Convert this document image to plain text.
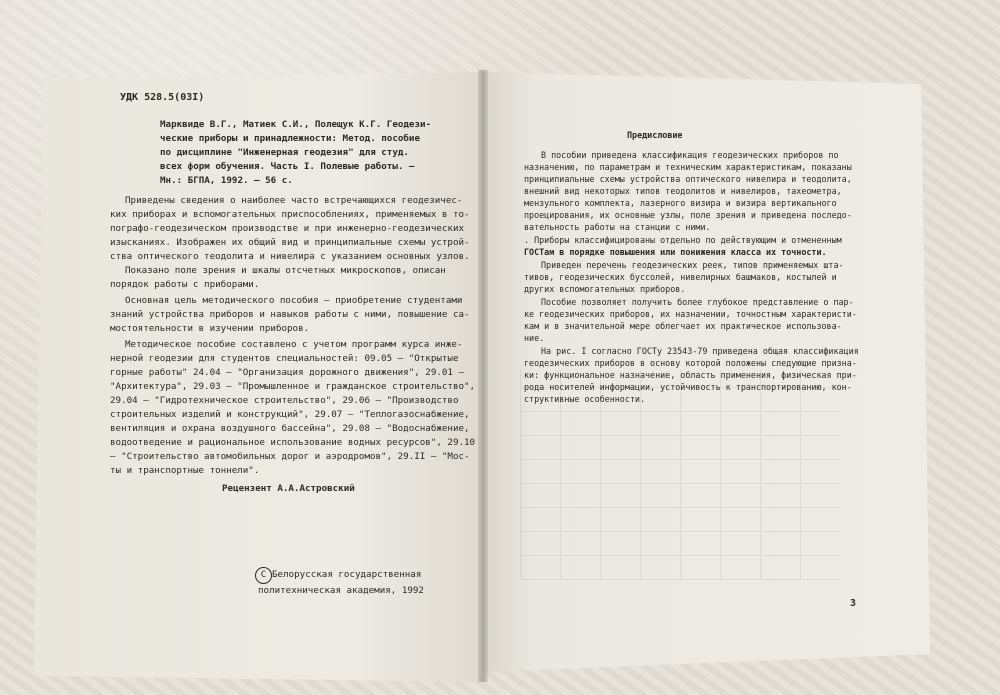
УДК 528.5(03I)

Марквиде В.Г., Матиек С.И., Полещук К.Г. Геодези-

ческие приборы и принадлежности: Метод. пособие

по дисциплине "Инженерная геодезия" для студ.

всех форм обучения. Часть I. Полевые работы. –

Мн.: БГПА, 1992. – 56 с.

Приведены сведения о наиболее часто встречающихся геодезичес-

ких приборах и вспомогательных приспособлениях, применяемых в то-

пографо-геодезическом производстве и при инженерно-геодезических

изысканиях. Изображен их общий вид и принципиальные схемы устрой-

ства оптического теодолита и нивелира с указанием основных узлов.

Показано поле зрения и шкалы отсчетных микроскопов, описан

порядок работы с приборами.

Основная цель методического пособия – приобретение студентами

знаний устройства приборов и навыков работы с ними, повышение са-

мостоятельности в изучении приборов.

Методическое пособие составлено с учетом программ курса инже-

нерной геодезии для студентов специальностей: 09.05 – "Открытые

горные работы" 24.04 – "Организация дорожного движения", 29.01 –

"Архитектура", 29.03 – "Промышленное и гражданское строительство",

29.04 – "Гидротехническое строительство", 29.06 – "Производство

строительных изделий и конструкций", 29.07 – "Теплогазоснабжение,

вентиляция и охрана воздушного бассейна", 29.08 – "Водоснабжение,

водоотведение и рациональное использование водных ресурсов", 29.10

– "Строительство автомобильных дорог и аэродромов", 29.II – "Мос-

ты и транспортные тоннели".

Рецензент А.А.Астровский

C Белорусская государственная

политехническая академия, 1992

Предисловие

В пособии приведена классификация геодезических приборов по

назначению, по параметрам и техническим характеристикам, показаны

принципиальные схемы устройства оптического нивелира и теодолита,

внешний вид некоторых типов теодолитов и нивелиров, тахеометра,

мензульного комплекта, лазерного визира и визира вертикального

проецирования, их основные узлы, поле зрения и приведена последо-

вательность работы на станции с ними.

. Приборы классифицированы отдельно по действующим и отмененным

ГОСТам в порядке повышения или понижения класса их точности.

Приведен перечень геодезических реек, типов применяемых шта-

тивов, геодезических буссолей, нивелирных башмаков, костылей и

других вспомогательных приборов.

Пособие позволяет получить более глубокое представление о пар-

ке геодезических приборов, их назначении, точностным характеристи-

кам и в значительной мере облегчает их практическое использова-

ние.

На рис. I согласно ГОСТу 23543-79 приведена общая классификация

геодезических приборов в основу которой положены следующие призна-

ки: функциональное назначение, область применения, физическая при-

рода носителей информации, устойчивость к транспортированию, кон-

структивные особенности.

3
